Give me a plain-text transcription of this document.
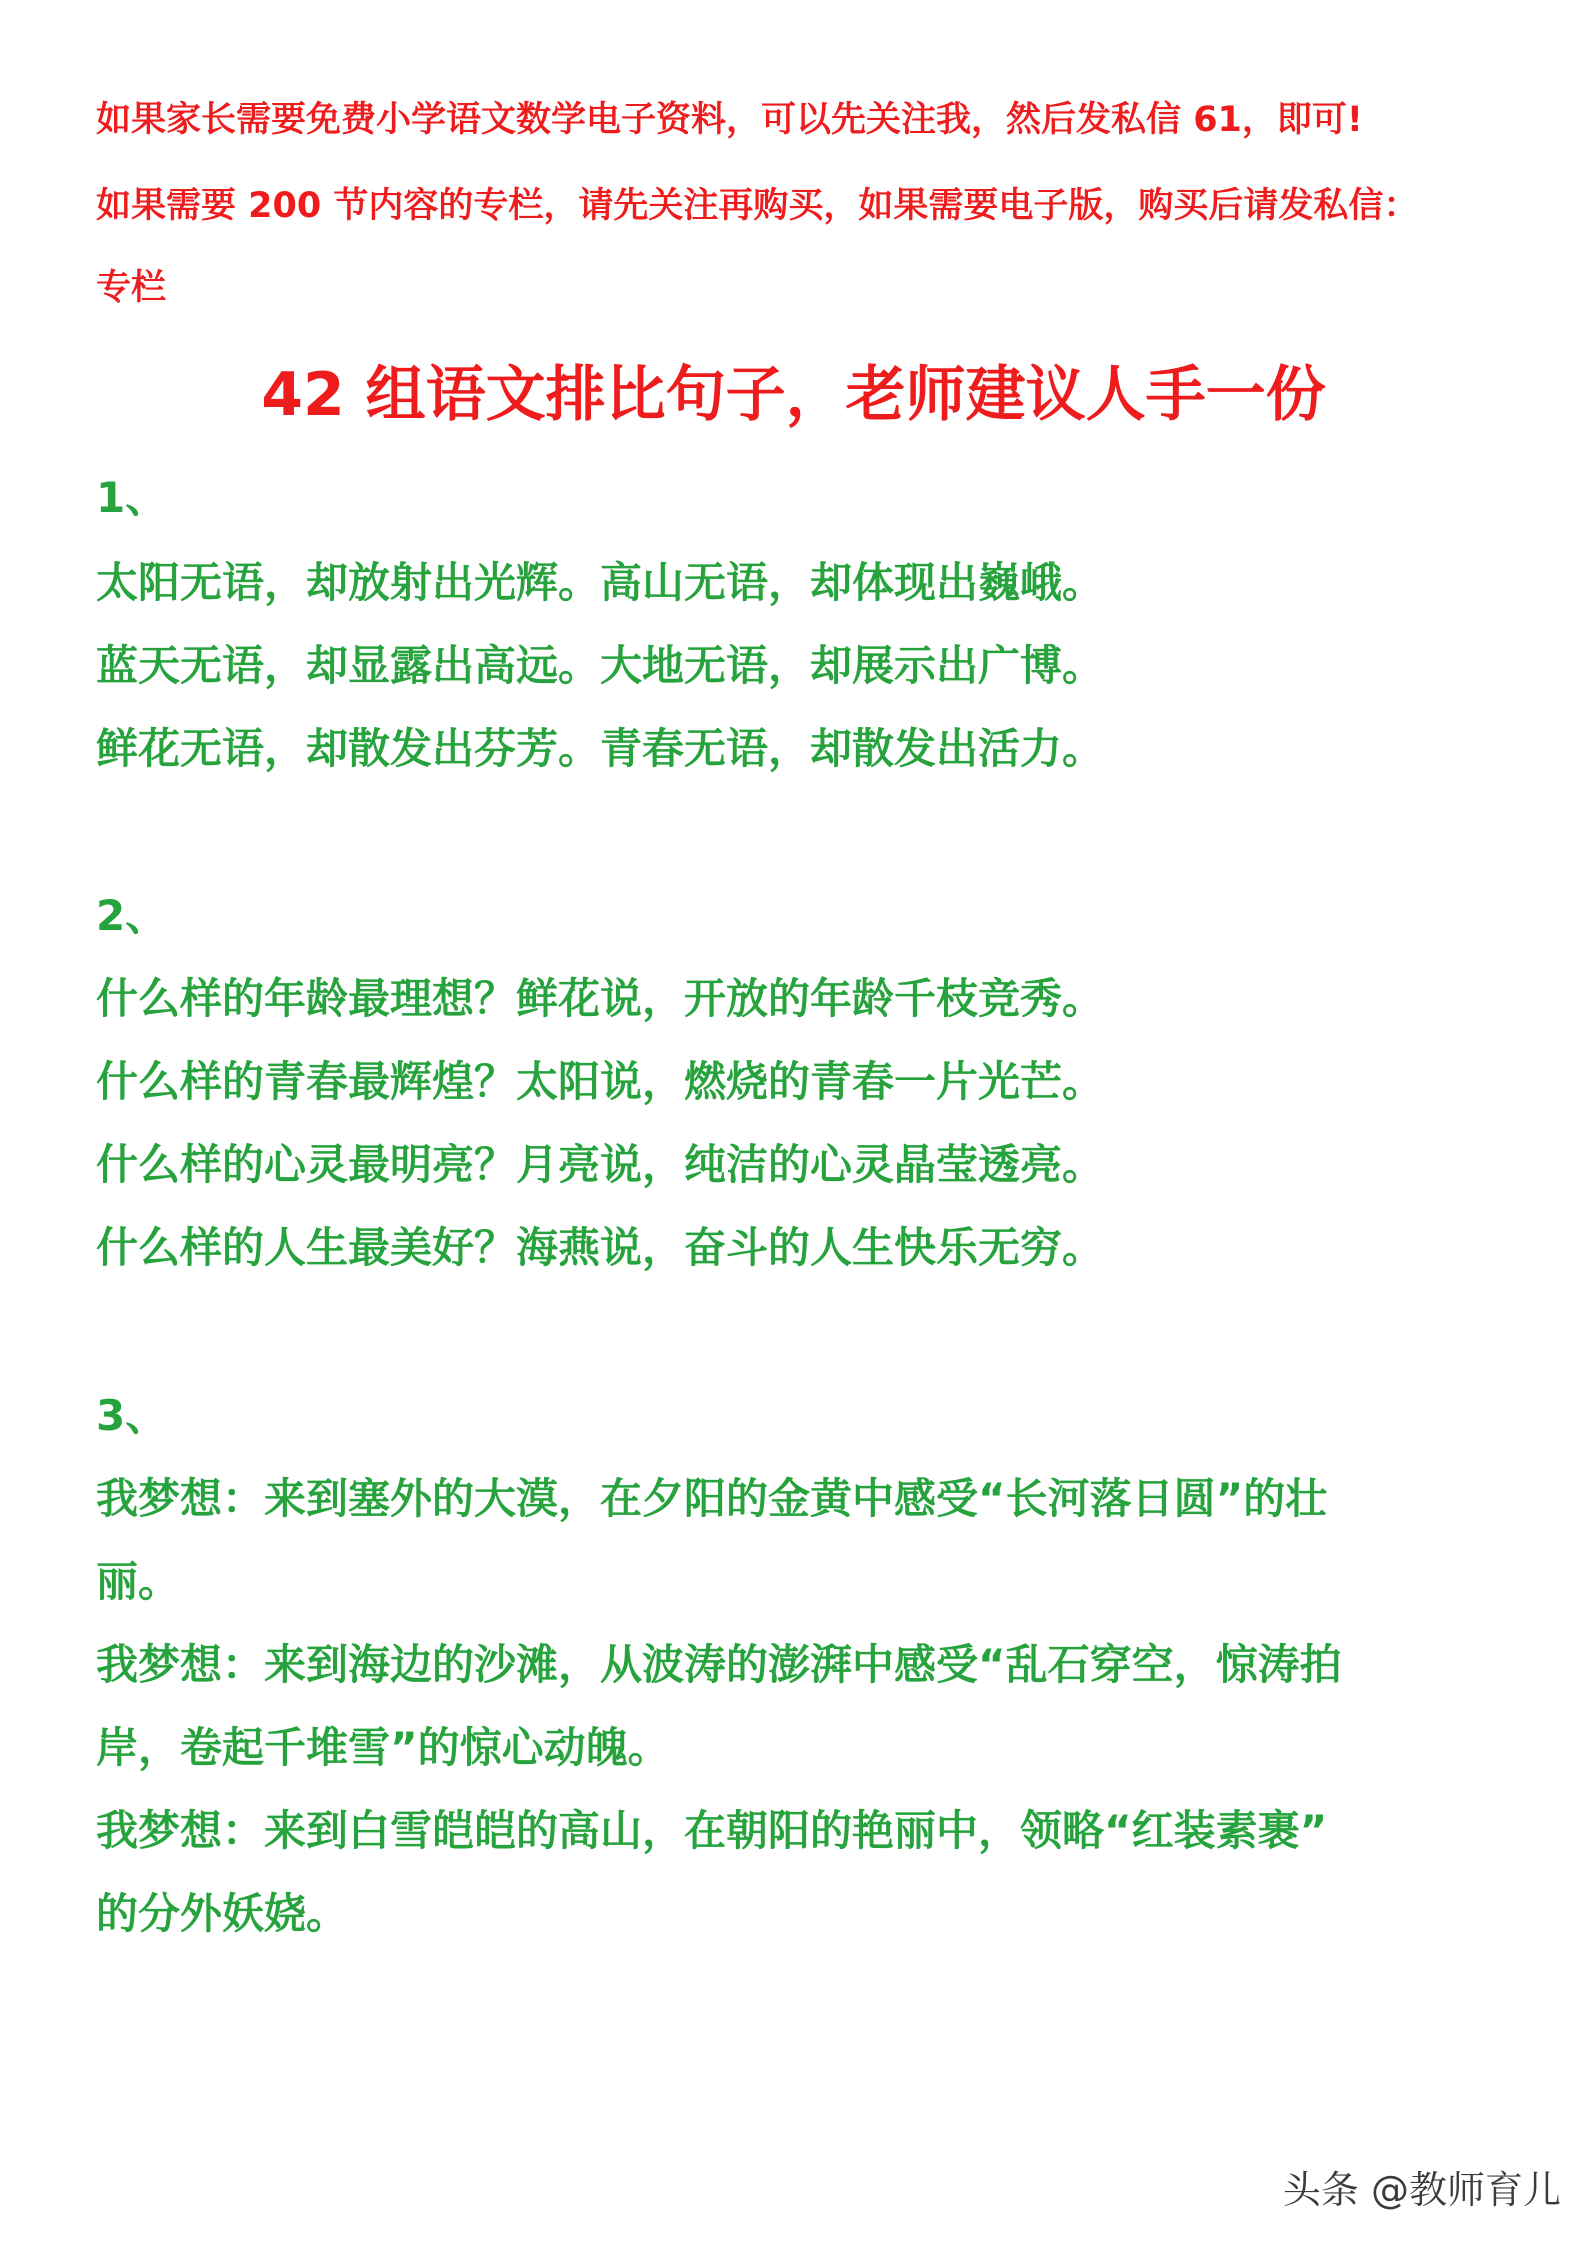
如果家长需要免费小学语文数学电子资料，可以先关注我，然后发私信 61，即可!
如果需要 200 节内容的专栏，请先关注再购买，如果需要电子版，购买后请发私信：
专栏
42 组语文排比句子，老师建议人手一份
1、
太阳无语，却放射出光辉。高山无语，却体现出巍峨。
蓝天无语，却显露出高远。大地无语，却展示出广博。
鲜花无语，却散发出芬芳。青春无语，却散发出活力。
2、
什么样的年龄最理想？鲜花说，开放的年龄千枝竞秀。
什么样的青春最辉煌？太阳说，燃烧的青春一片光芒。
什么样的心灵最明亮？月亮说，纯洁的心灵晶莹透亮。
什么样的人生最美好？海燕说，奋斗的人生快乐无穷。
3、
我梦想：来到塞外的大漠，在夕阳的金黄中感受“长河落日圆”的壮
丽。
我梦想：来到海边的沙滩，从波涛的澎湃中感受“乱石穿空，惊涛拍
岸，卷起千堆雪”的惊心动魄。
我梦想：来到白雪皑皑的高山，在朝阳的艳丽中，领略“红装素裹”
的分外妖娆。
头条 @教师育儿
